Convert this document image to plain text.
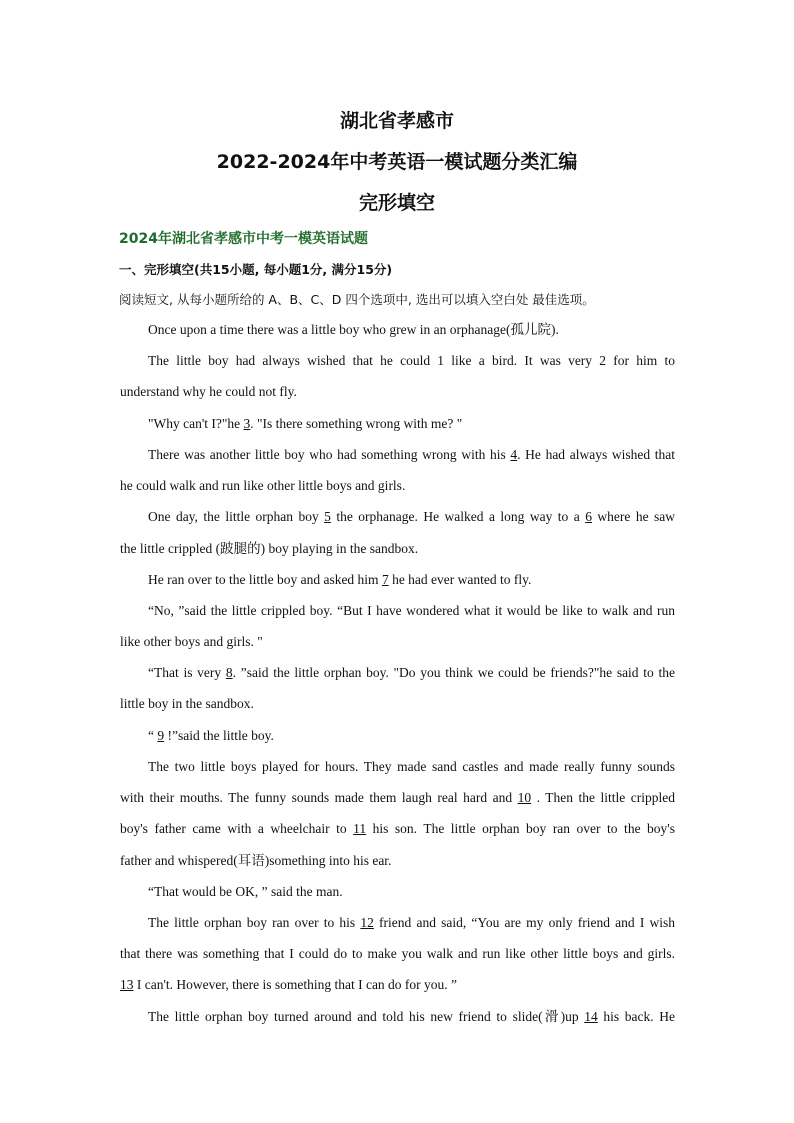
湖北省孝感市
2022-2024年中考英语一模试题分类汇编
完形填空
2024年湖北省孝感市中考一模英语试题
一、完形填空(共15小题, 每小题1分, 满分15分)
阅读短文, 从每小题所给的 A、B、C、D 四个选项中, 选出可以填入空白处 最佳选项。
Once upon a time there was a little boy who grew in an orphanage(孤儿院).
The little boy had always wished that he could 1 like a bird. It was very 2 for him to
understand why he could not fly.
"Why can't I?"he 3. "Is there something wrong with me? "
There was another little boy who had something wrong with his 4. He had always wished that
he could walk and run like other little boys and girls.
One day, the little orphan boy 5 the orphanage. He walked a long way to a 6 where he saw
the little crippled (跛腿的) boy playing in the sandbox.
He ran over to the little boy and asked him 7 he had ever wanted to fly.
“No, ”said the little crippled boy. “But I have wondered what it would be like to walk and run
like other boys and girls. "
“That is very 8. ”said the little orphan boy. "Do you think we could be friends?"he said to the
little boy in the sandbox.
“ 9 !”said the little boy.
The two little boys played for hours. They made sand castles and made really funny sounds
with their mouths. The funny sounds made them laugh real hard and 10 . Then the little crippled
boy's father came with a wheelchair to 11 his son. The little orphan boy ran over to the boy's
father and whispered(耳语)something into his ear.
“That would be OK, ” said the man.
The little orphan boy ran over to his 12 friend and said, “You are my only friend and I wish
that there was something that I could do to make you walk and run like other little boys and girls.
13 I can't. However, there is something that I can do for you. ”
The little orphan boy turned around and told his new friend to slide(滑)up 14 his back. He
